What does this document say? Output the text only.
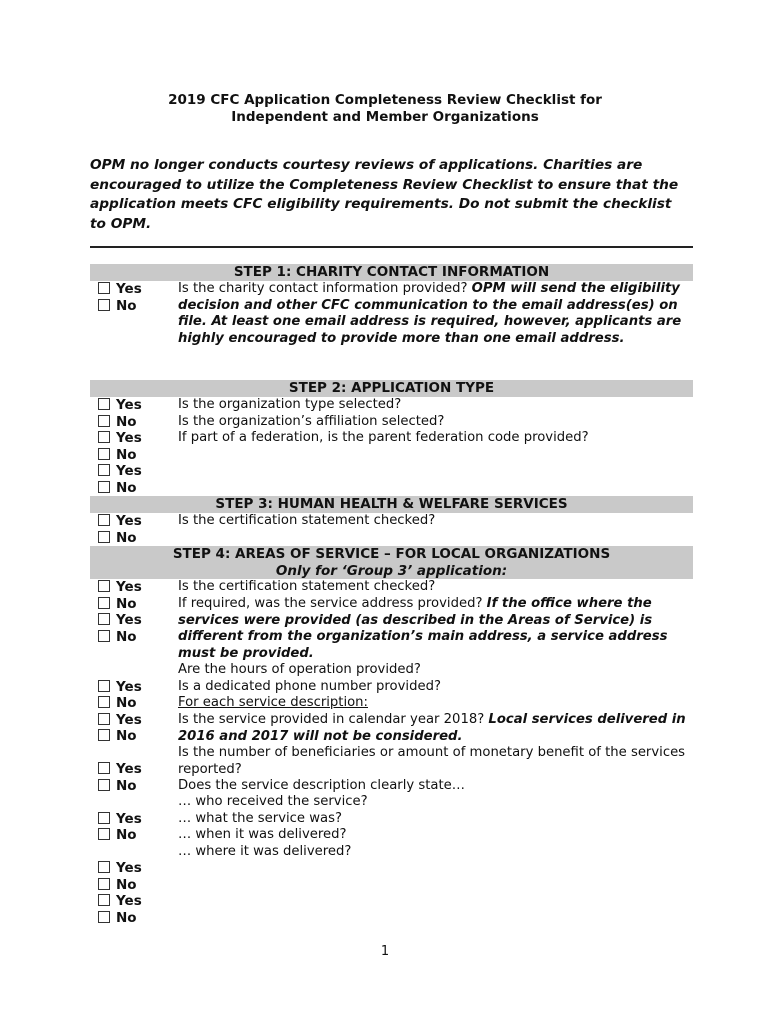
2019 CFC Application Completeness Review Checklist for
Independent and Member Organizations
OPM no longer conducts courtesy reviews of applications. Charities are encouraged to utilize the Completeness Review Checklist to ensure that the application meets CFC eligibility requirements. Do not submit the checklist to OPM.
STEP 1: CHARITY CONTACT INFORMATION
Yes
No
Is the charity contact information provided? OPM will send the eligibility decision and other CFC communication to the email address(es) on file. At least one email address is required, however, applicants are highly encouraged to provide more than one email address.
STEP 2: APPLICATION TYPE
Yes
No
Yes
No
Yes
No
Is the organization type selected?
Is the organization’s affiliation selected?
If part of a federation, is the parent federation code provided?
STEP 3: HUMAN HEALTH & WELFARE SERVICES
Yes
No
Is the certification statement checked?
STEP 4: AREAS OF SERVICE – FOR LOCAL ORGANIZATIONS
Only for ‘Group 3’ application:
Yes
No
Yes
No
Yes
No
Yes
No
Yes
No
Yes
No
Yes
No
Yes
No
Is the certification statement checked?
If required, was the service address provided? If the office where the services were provided (as described in the Areas of Service) is different from the organization’s main address, a service address must be provided.
Are the hours of operation provided?
Is a dedicated phone number provided?
For each service description:
Is the service provided in calendar year 2018? Local services delivered in 2016 and 2017 will not be considered.
Is the number of beneficiaries or amount of monetary benefit of the services reported?
Does the service description clearly state…
… who received the service?
… what the service was?
… when it was delivered?
… where it was delivered?
1
